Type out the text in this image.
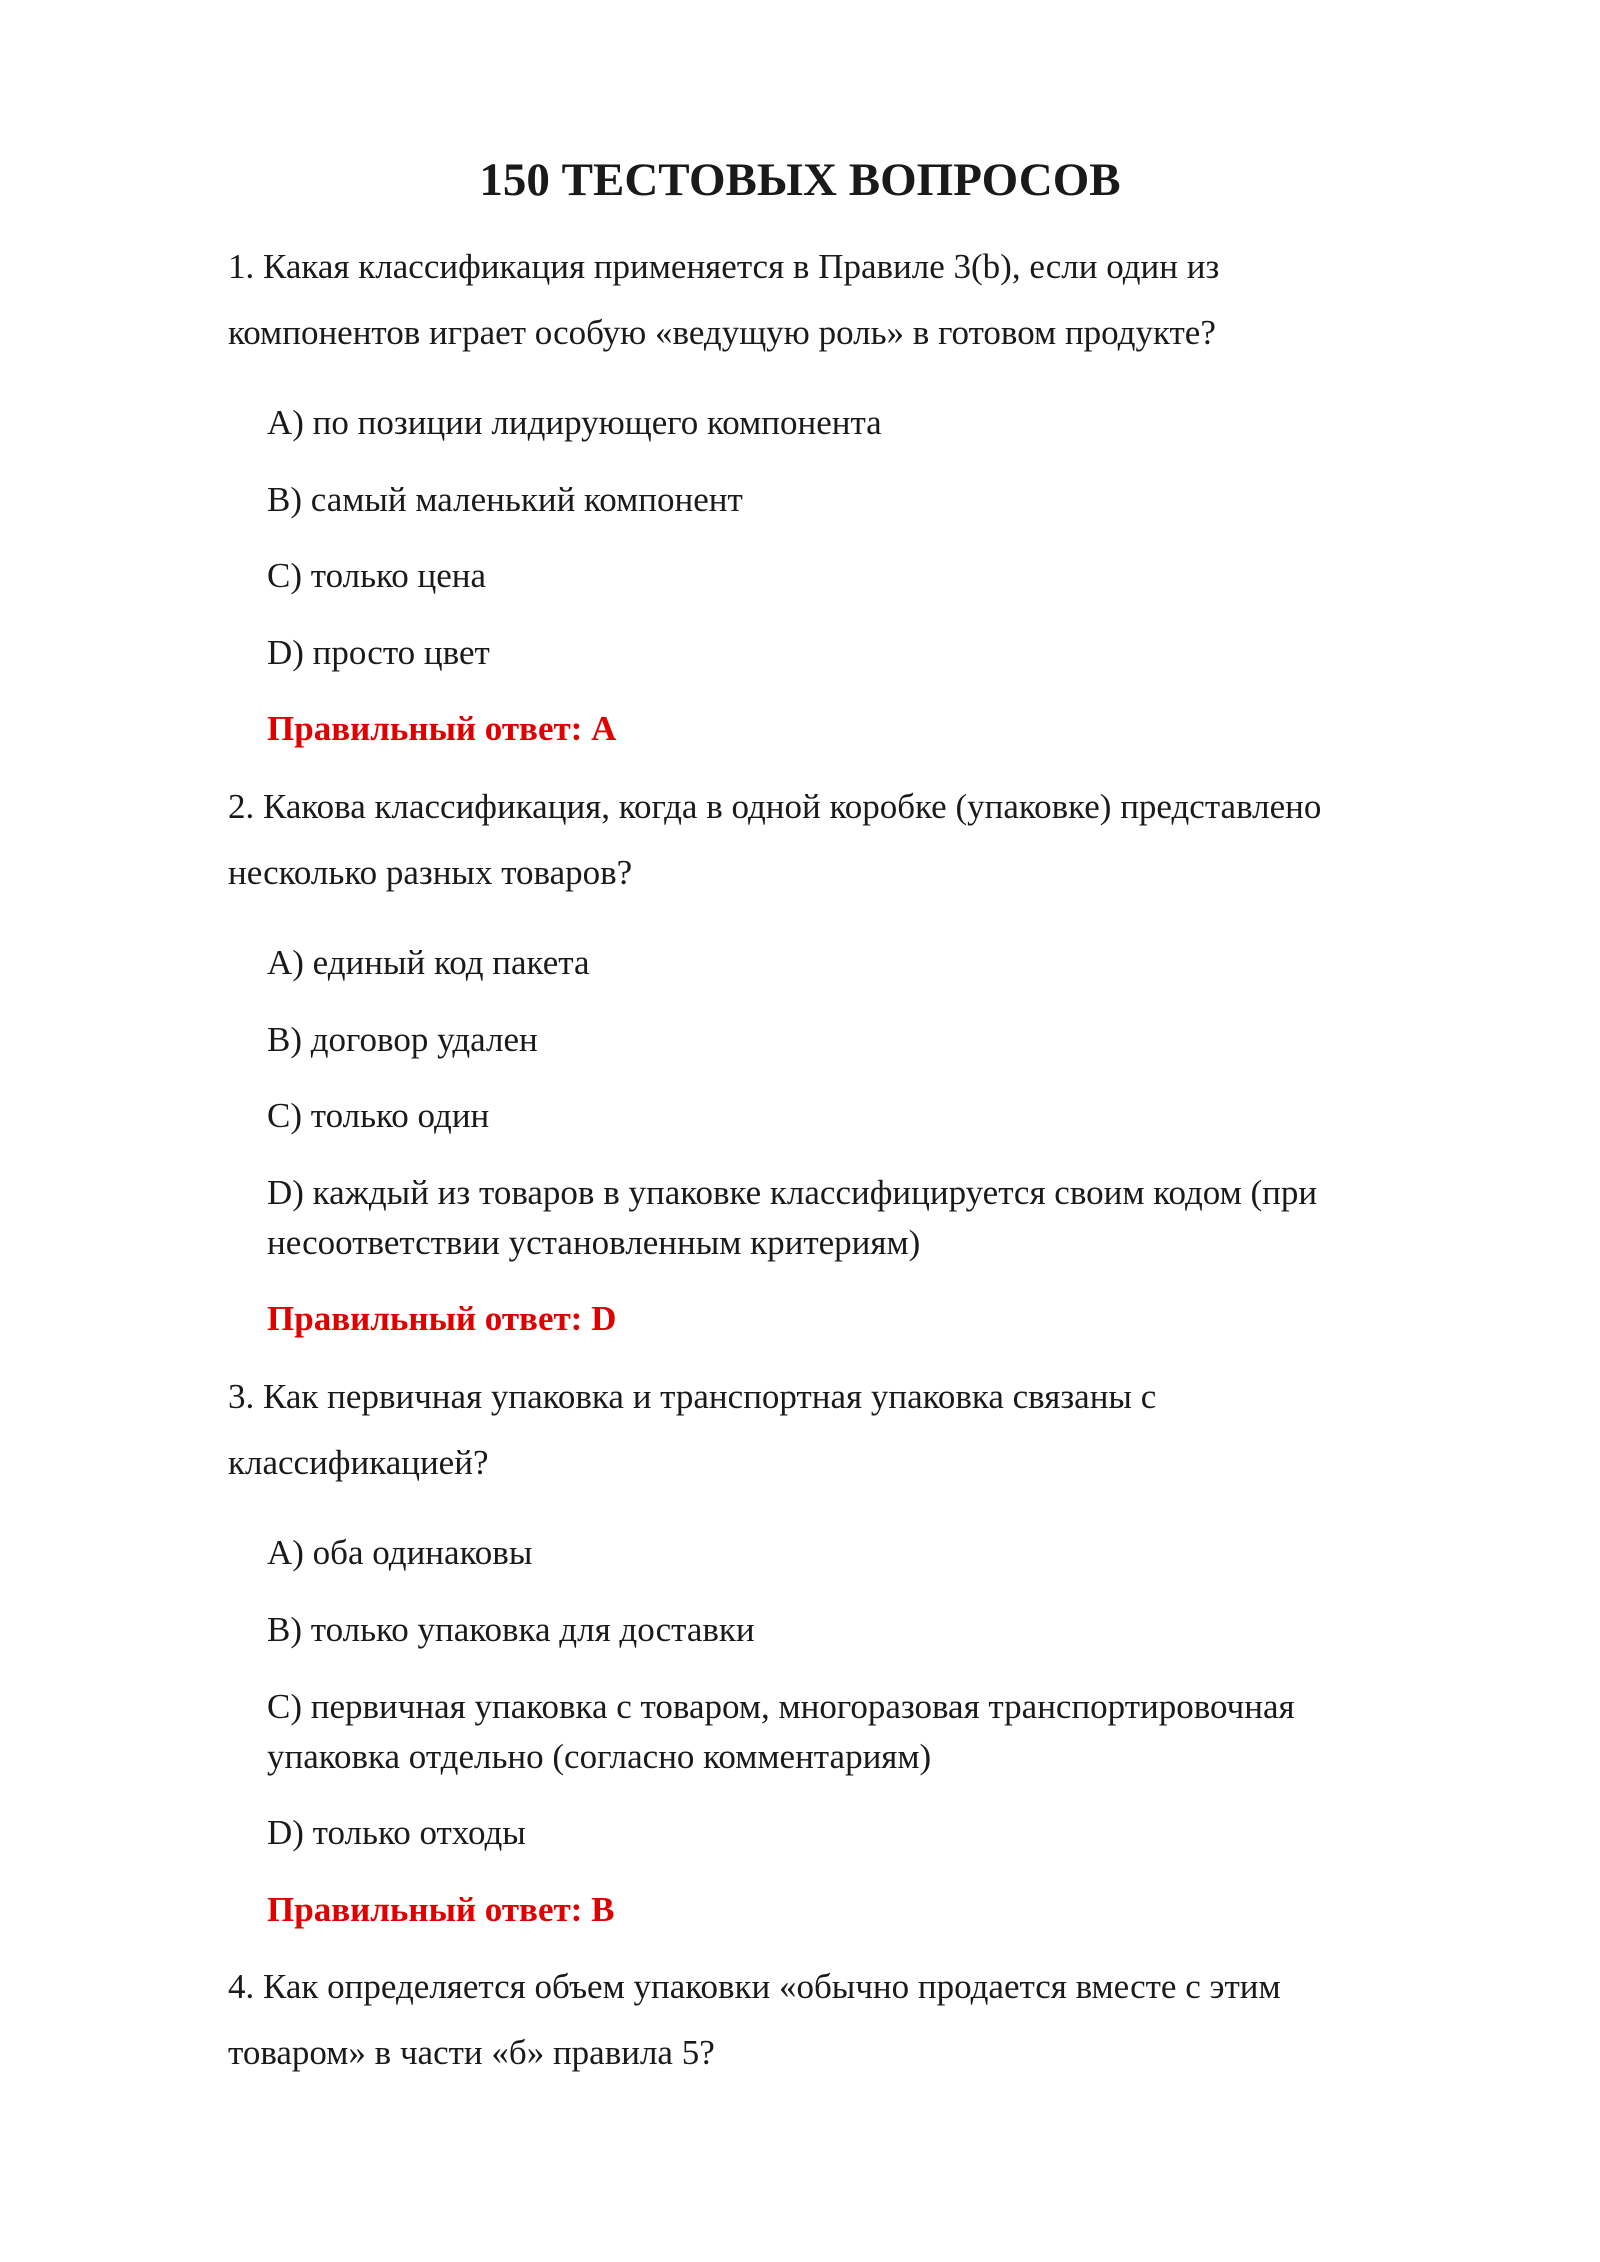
150 ТЕСТОВЫХ ВОПРОСОВ

1. Какая классификация применяется в Правиле 3(b), если один из
компонентов играет особую «ведущую роль» в готовом продукте?

A) по позиции лидирующего компонента

B) самый маленький компонент

C) только цена

D) просто цвет

Правильный ответ: A

2. Какова классификация, когда в одной коробке (упаковке) представлено
несколько разных товаров?

A) единый код пакета

B) договор удален

C) только один

D) каждый из товаров в упаковке классифицируется своим кодом (при
несоответствии установленным критериям)

Правильный ответ: D

3. Как первичная упаковка и транспортная упаковка связаны с
классификацией?

A) оба одинаковы

B) только упаковка для доставки

C) первичная упаковка с товаром, многоразовая транспортировочная
упаковка отдельно (согласно комментариям)

D) только отходы

Правильный ответ: B

4. Как определяется объем упаковки «обычно продается вместе с этим
товаром» в части «б» правила 5?
